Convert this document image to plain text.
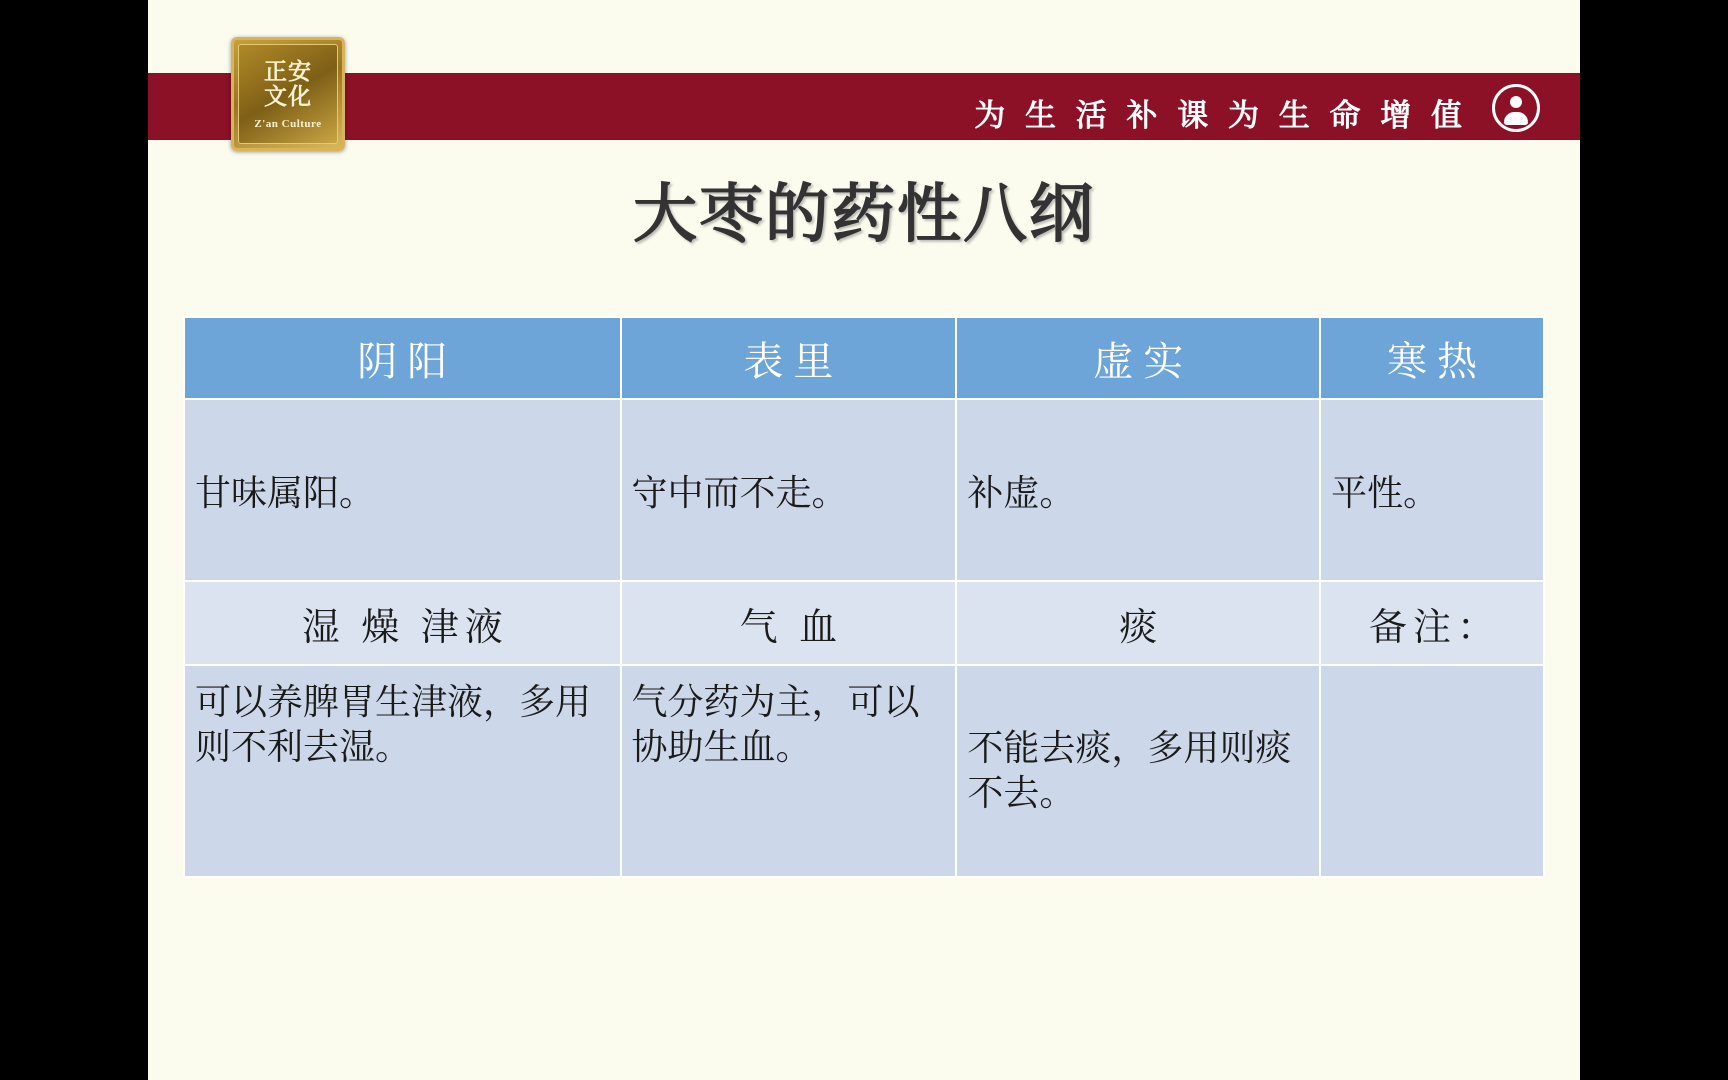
为 生 活 补 课 为 生 命 增 值
正安
文化
Z'an Culture
大枣的药性八纲
阴阳	表里	虚实	寒热
甘味属阳。	守中而不走。	补虚。	平性。
湿 燥 津液	气 血	痰	备注：
可以养脾胃生津液，多用则不利去湿。	气分药为主，可以协助生血。	不能去痰，多用则痰不去。	
